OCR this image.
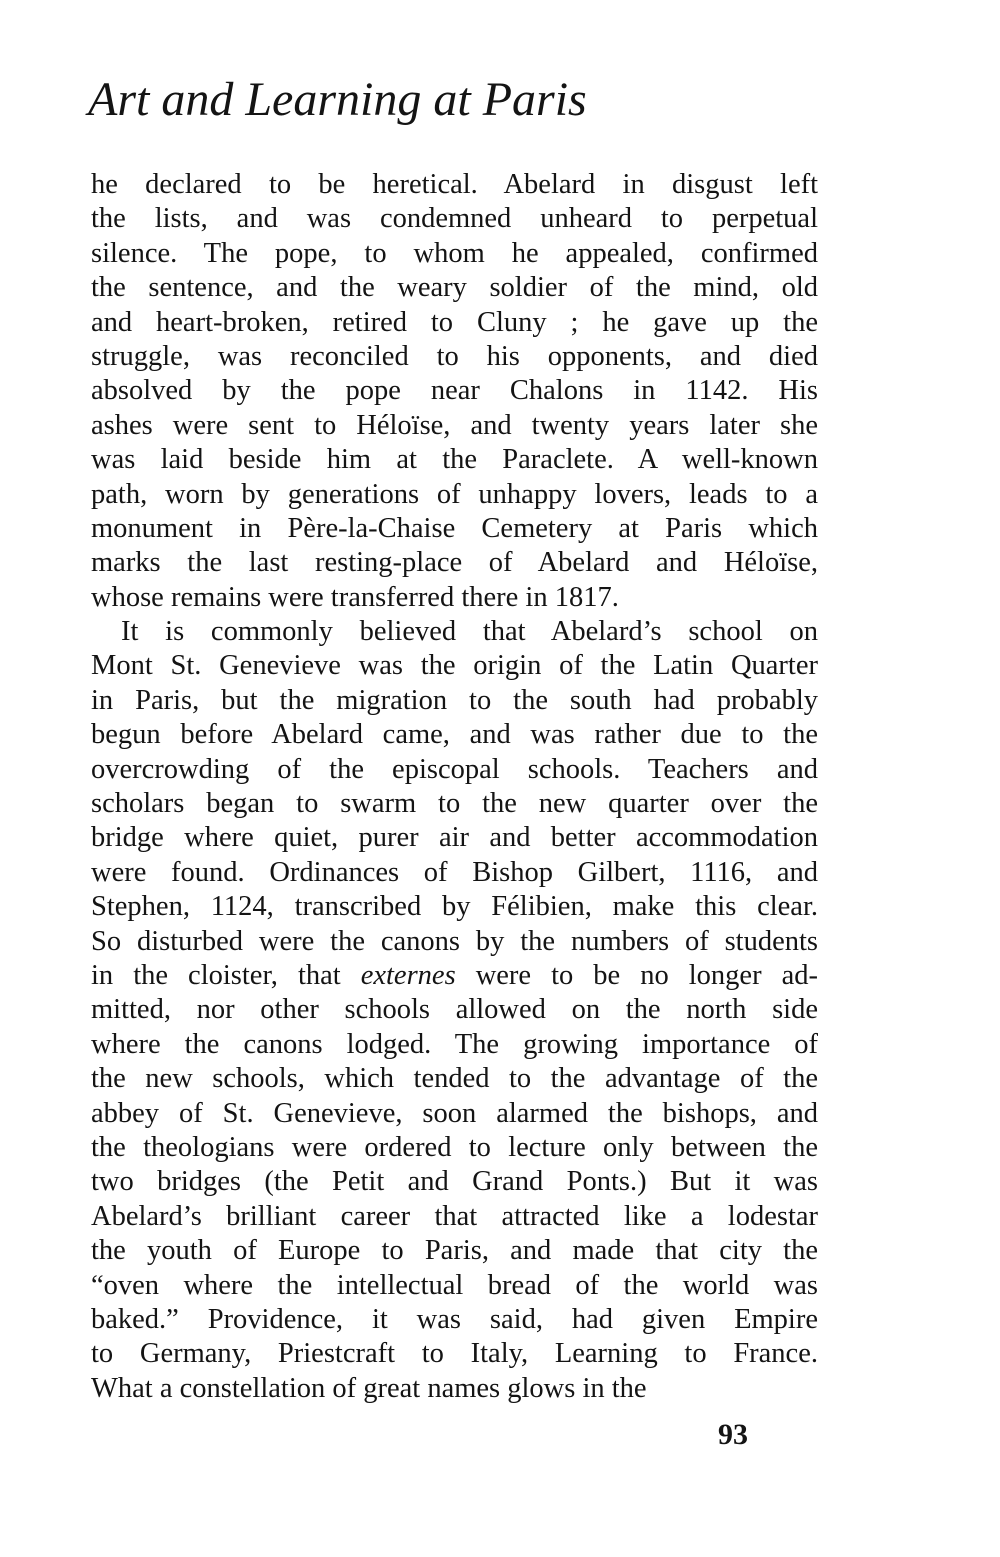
Art and Learning at Paris
he declared to be heretical. Abelard in disgust left
the lists, and was condemned unheard to perpetual
silence. The pope, to whom he appealed, confirmed
the sentence, and the weary soldier of the mind, old
and heart-broken, retired to Cluny ; he gave up the
struggle, was reconciled to his opponents, and died
absolved by the pope near Chalons in 1142. His
ashes were sent to Héloïse, and twenty years later she
was laid beside him at the Paraclete. A well-known
path, worn by generations of unhappy lovers, leads to a
monument in Père-la-Chaise Cemetery at Paris which
marks the last resting-place of Abelard and Héloïse,
whose remains were transferred there in 1817.
It is commonly believed that Abelard’s school on
Mont St. Genevieve was the origin of the Latin Quarter
in Paris, but the migration to the south had probably
begun before Abelard came, and was rather due to the
overcrowding of the episcopal schools. Teachers and
scholars began to swarm to the new quarter over the
bridge where quiet, purer air and better accommodation
were found. Ordinances of Bishop Gilbert, 1116, and
Stephen, 1124, transcribed by Félibien, make this clear.
So disturbed were the canons by the numbers of students
in the cloister, that externes were to be no longer ad-
mitted, nor other schools allowed on the north side
where the canons lodged. The growing importance of
the new schools, which tended to the advantage of the
abbey of St. Genevieve, soon alarmed the bishops, and
the theologians were ordered to lecture only between the
two bridges (the Petit and Grand Ponts.) But it was
Abelard’s brilliant career that attracted like a lodestar
the youth of Europe to Paris, and made that city the
“oven where the intellectual bread of the world was
baked.” Providence, it was said, had given Empire
to Germany, Priestcraft to Italy, Learning to France.
What a constellation of great names glows in the

93
